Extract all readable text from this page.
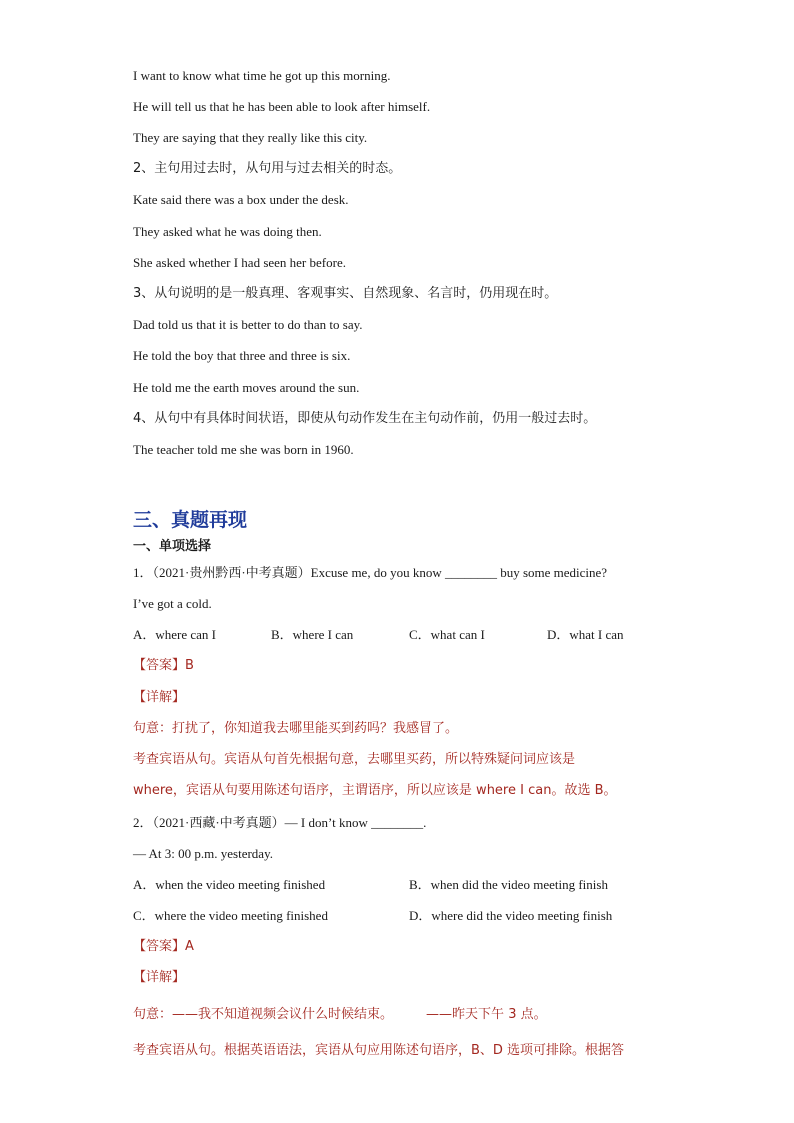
I want to know what time he got up this morning.
He will tell us that he has been able to look after himself.
They are saying that they really like this city.
2、主句用过去时，从句用与过去相关的时态。
Kate said there was a box under the desk.
They asked what he was doing then.
She asked whether I had seen her before.
3、从句说明的是一般真理、客观事实、自然现象、名言时，仍用现在时。
Dad told us that it is better to do than to say.
He told the boy that three and three is six.
He told me the earth moves around the sun.
4、从句中有具体时间状语，即使从句动作发生在主句动作前，仍用一般过去时。
The teacher told me she was born in 1960.
三、真题再现
一、单项选择
1．（2021·贵州黔西·中考真题）Excuse me, do you know ________ buy some medicine?
I’ve got a cold.
A．where can I	B．where I can	C．what can I	D．what I can
【答案】B
【详解】
句意：打扰了，你知道我去哪里能买到药吗？我感冒了。
考查宾语从句。宾语从句首先根据句意，去哪里买药，所以特殊疑问词应该是
where，宾语从句要用陈述句语序，主谓语序，所以应该是 where I can。故选 B。
2．（2021·西藏·中考真题）— I don’t know ________.
— At 3: 00 p.m. yesterday.
A．when the video meeting finished	B．when did the video meeting finish
C．where the video meeting finished	D．where did the video meeting finish
【答案】A
【详解】
句意：——我不知道视频会议什么时候结束。        ——昨天下午 3 点。
考查宾语从句。根据英语语法，宾语从句应用陈述句语序，B、D 选项可排除。根据答
